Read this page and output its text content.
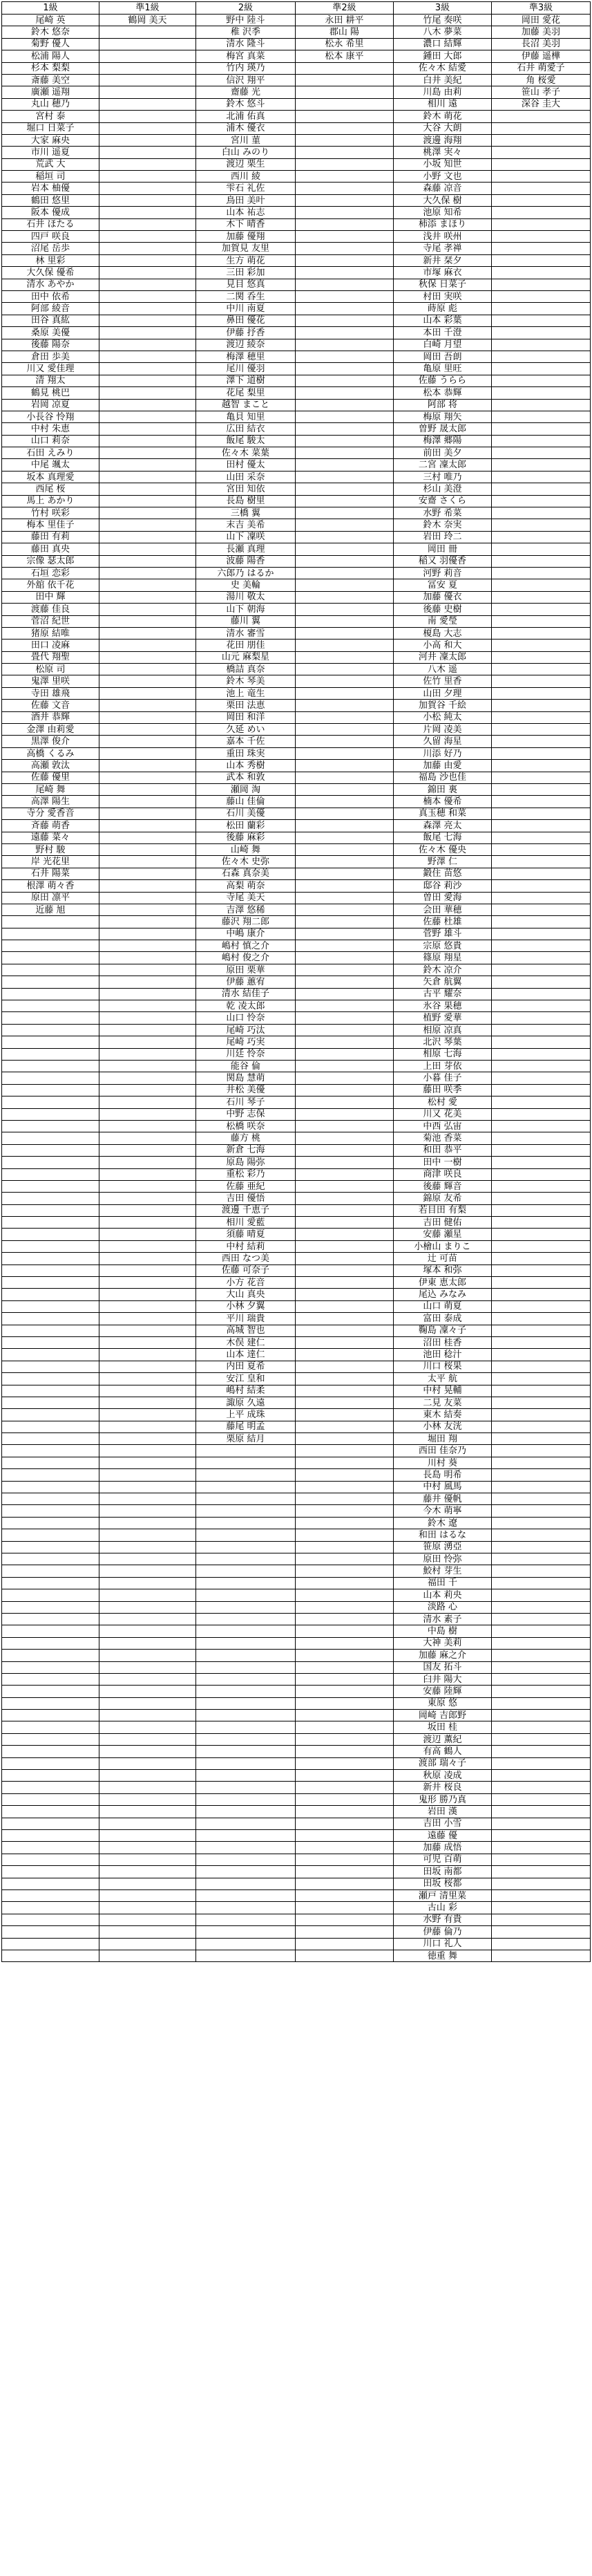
1級	準1級	2級	準2級	3級	準3級
尾崎 英	鶴岡 美天	野中 陸斗	永田 耕平	竹尾 奏咲	岡田 愛花
鈴木 悠奈		稚 沢季	郡山 陽	八木 夢菜	加藤 美羽
菊野 優人		清水 隆斗	松永 希里	濃口 結輝	長沼 美羽
松浦 陽人		梅宮 真菜	松本 康平	鍾田 大郎	伊藤 遥樺
杉本 梨梨		竹内 瑛乃		佐々木 結愛	石井 萌愛子
斎藤 美空		信沢 翔平		白井 美紀	角 桜愛
廣瀬 遥翔		齋藤 光		川島 由莉	笹山 孝子
丸山 穂乃		鈴木 悠斗		相川 遠	深谷 圭大
宮村 泰		北浦 佑真		鈴木 萌花	
堀口 日菜子		浦木 優衣		大谷 大朗	
大家 麻央		宮川 菫		渡邊 海翔	
市川 遥夏		白山 みのり		桃澤 実々	
荒武 大		渡辺 栗生		小坂 知世	
稲垣 司		西川 綾		小野 文也	
岩本 柚優		雫石 礼佐		森藤 凉音	
鶴田 悠里		鳥田 美叶		大久保 樹	
阪本 優成		山本 祐志		池原 知希	
石井 ほたる		木下 晴香		柿添 まほり	
四戸 咲良		加藤 優翔		浅井 咲州	
沼尾 岳歩		加賀見 友里		寺尾 孝禅	
林 里彩		生方 萌花		新井 栞夕	
大久保 優希		三田 彩加		市塚 麻衣	
清水 あやか		見目 悠真		秋保 日菜子	
田中 依希		二関 呑生		村田 実咲	
阿部 綾音		中川 南夏		蒔原 彪	
田谷 真紘		鼻田 優花		山本 彩葉	
桑原 美優		伊藤 抒香		本田 千澄	
後藤 陽奈		渡辺 綾奈		白崎 月望	
倉田 歩美		梅澤 穂里		岡田 吾朗	
川又 愛佳理		尾川 優羽		亀原 里旺	
清 翔太		澤下 道樹		佐藤 うらら	
鶴見 桃巴		花尾 梨里		松本 恭輝	
岩岡 凉夏		越智 まこと		阿部 将	
小長谷 怜翔		亀貝 知里		梅原 翔矢	
中村 朱恵		広田 結衣		曽野 晟太郎	
山口 莉奈		飯尾 駿太		梅澤 郷陽	
石田 えみり		佐々木 菜葉		前田 美夕	
中尾 颯太		田村 優太		二宮 凜太郎	
坂本 真理愛		山田 采奈		三村 唯乃	
西尾 桜		宮田 知依		杉山 美澄	
馬上 あかり		長島 樹里		安齋 さくら	
竹村 咲彩		三橋 翼		水野 希菜	
梅本 里佳子		末吉 美希		鈴木 奈実	
藤田 有莉		山下 凜咲		岩田 玲二	
藤田 真央		長瀬 真理		岡田 冊	
宗像 瑟太郎		波藤 陽香		稲又 羽優香	
石垣 恋彩		六郎乃 はるか		河野 莉音	
外舘 依千花		史 美輪		冨安 夏	
田中 輝		湯川 敬太		加藤 優衣	
渡藤 佳良		山下 朝海		後藤 史樹	
菅沼 紀世		藤川 翼		南 愛瑩	
猪原 結唯		清水 審雪		榎島 大志	
田口 凌麻		花田 朋佳		小高 和大	
畳代 翔聖		山元 麻梨星		河井 凜太郎	
松原 司		橋詰 真奈		八木 遥	
鬼澤 里咲		鈴木 琴美		佐竹 里香	
寺田 雄飛		池上 竜生		山田 夕理	
佐藤 文音		栗田 法恵		加賀谷 千絵	
酒井 恭輝		岡田 和洋		小松 純太	
金澤 由莉愛		久延 めい		片岡 凌美	
黒澤 俊介		嘉本 千佐		久留 海星	
高橋 くるみ		重田 珠実		川添 好乃	
高瀬 敦汰		山本 秀樹		加藤 由愛	
佐藤 優里		武本 和敦		福島 沙也佳	
尾崎 舞		瀬岡 淘		錦田 裏	
高澤 陽生		藤山 佳倫		楠本 優希	
寺分 愛香音		石川 美優		真玉穂 和菜	
斉藤 萌香		松田 蘭彩		森澤 亮太	
遠藤 菜々		後藤 麻彩		飯尾 七海	
野村 駿		山崎 舞		佐々木 優央	
岸 光花里		佐々木 史弥		野澤 仁	
石井 陽菜		石森 真奈美		鍛住 苗悠	
根澤 萌々香		高梨 萌奈		邸谷 莉沙	
原田 凛平		寺尾 美天		曽田 愛海	
近藤 旭		吉澤 悠稀		会田 華穂	
		藤沢 翔二郎		佐藤 杜雄	
		中嶋 康介		菅野 雄斗	
		嶋村 慎之介		宗原 悠貴	
		嶋村 俊之介		篠原 翔星	
		原田 栗華		鈴木 凉介	
		伊藤 蕙宥		矢倉 航翼	
		清水 結佳子		古平 耀奈	
		乾 凌太郎		氷谷 果穂	
		山口 怜奈		植野 愛華	
		尾崎 巧汰		相原 凉真	
		尾崎 巧実		北沢 琴葉	
		川廷 怜奈		相原 七海	
		能谷 倫		上田 芽依	
		関島 慧萌		小暮 佳子	
		井松 美優		藤田 咲季	
		石川 琴子		松村 愛	
		中野 志保		川又 花美	
		松橋 咲奈		中西 弘宙	
		藤方 桃		菊池 香菜	
		新倉 七海		和田 恭平	
		原島 陽弥		田中 一樹	
		重松 彩乃		商津 咲良	
		佐藤 亜紀		後藤 輝音	
		吉田 優悟		錦原 友希	
		渡邊 千恵子		若目田 有梨	
		相川 愛藍		吉田 健佑	
		須藤 晴夏		安藤 瀬星	
		中村 結莉		小檜山 まりこ	
		西田 なつ美		辻 可苗	
		佐藤 可奈子		塚本 和弥	
		小方 花音		伊東 恵太郎	
		大山 真央		尾込 みなみ	
		小林 夕翼		山口 萌夏	
		平川 瑞貴		富田 泰成	
		高城 智也		鞠島 凜々子	
		木俣 建仁		沼田 桂香	
		山本 達仁		池田 稔汁	
		内田 夏希		川口 桜果	
		安江 皇和		太平 航	
		嶋村 結柔		中村 晃輔	
		諏原 久遠		二見 友菜	
		上平 成珠		東木 結奏	
		藤尾 明孟		小林 友洸	
		栗原 結月		堀田 翔	
				西田 佳奈乃	
				川村 葵	
				長島 明希	
				中村 風馬	
				藤井 優帆	
				今木 萌寧	
				鈴木 遼	
				和田 はるな	
				笹原 湧亞	
				原田 怜弥	
				鮫村 芽生	
				福田 千	
				山本 莉央	
				淡路 心	
				清水 素子	
				中島 樹	
				大神 美莉	
				加藤 麻之介	
				国友 拓斗	
				臼井 陽大	
				安藤 陸輝	
				東原 悠	
				岡崎 吉郎野	
				坂田 桂	
				渡辺 薫紀	
				有高 鶴人	
				渡部 瑞々子	
				秋原 凌成	
				新井 桜良	
				鬼形 勝乃真	
				岩田 漢	
				吉田 小雪	
				遠藤 優	
				加藤 成悟	
				可児 百萌	
				田坂 南都	
				田坂 桜都	
				瀬戸 清里菜	
				古山 彩	
				水野 有貴	
				伊藤 倫乃	
				川口 礼人	
				徳重 舞	
